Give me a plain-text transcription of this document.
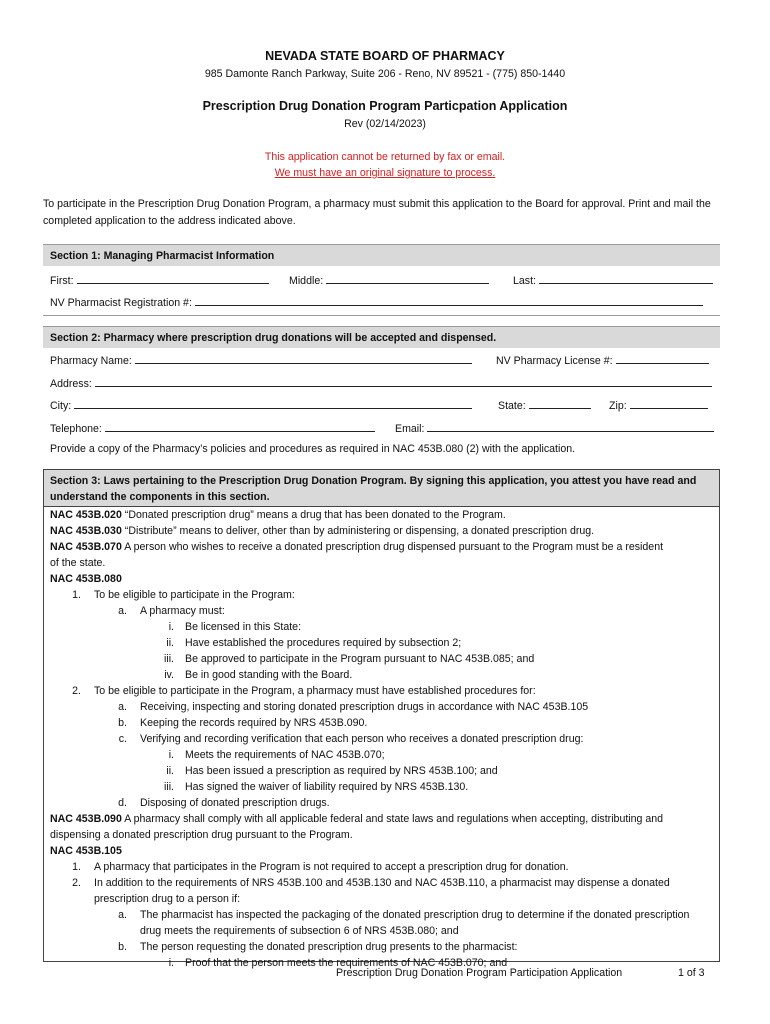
NEVADA STATE BOARD OF PHARMACY
985 Damonte Ranch Parkway, Suite 206 - Reno, NV 89521 - (775) 850-1440
Prescription Drug Donation Program Particpation Application
Rev (02/14/2023)
This application cannot be returned by fax or email.
We must have an original signature to process.
To participate in the Prescription Drug Donation Program, a pharmacy must submit this application to the Board for approval. Print and mail the completed application to the address indicated above.
Section 1: Managing Pharmacist Information
First:	Middle:	Last:
NV Pharmacist Registration #:
Section 2: Pharmacy where prescription drug donations will be accepted and dispensed.
Pharmacy Name:	NV Pharmacy License #:
Address:
City:	State:	Zip:
Telephone:	Email:
Provide a copy of the Pharmacy’s policies and procedures as required in NAC 453B.080 (2) with the application.
Section 3: Laws pertaining to the Prescription Drug Donation Program. By signing this application, you attest you have read and understand the components in this section.
NAC 453B.020 “Donated prescription drug” means a drug that has been donated to the Program.
NAC 453B.030 “Distribute” means to deliver, other than by administering or dispensing, a donated prescription drug.
NAC 453B.070 A person who wishes to receive a donated prescription drug dispensed pursuant to the Program must be a resident of the state.
NAC 453B.080
1. To be eligible to participate in the Program:
a. A pharmacy must:
i. Be licensed in this State:
ii. Have established the procedures required by subsection 2;
iii. Be approved to participate in the Program pursuant to NAC 453B.085; and
iv. Be in good standing with the Board.
2. To be eligible to participate in the Program, a pharmacy must have established procedures for:
a. Receiving, inspecting and storing donated prescription drugs in accordance with NAC 453B.105
b. Keeping the records required by NRS 453B.090.
c. Verifying and recording verification that each person who receives a donated prescription drug:
i. Meets the requirements of NAC 453B.070;
ii. Has been issued a prescription as required by NRS 453B.100; and
iii. Has signed the waiver of liability required by NRS 453B.130.
d. Disposing of donated prescription drugs.
NAC 453B.090 A pharmacy shall comply with all applicable federal and state laws and regulations when accepting, distributing and dispensing a donated prescription drug pursuant to the Program.
NAC 453B.105
1. A pharmacy that participates in the Program is not required to accept a prescription drug for donation.
2. In addition to the requirements of NRS 453B.100 and 453B.130 and NAC 453B.110, a pharmacist may dispense a donated prescription drug to a person if:
a. The pharmacist has inspected the packaging of the donated prescription drug to determine if the donated prescription drug meets the requirements of subsection 6 of NRS 453B.080; and
b. The person requesting the donated prescription drug presents to the pharmacist:
i. Proof that the person meets the requirements of NAC 453B.070; and
Prescription Drug Donation Program Participation Application	1 of 3
